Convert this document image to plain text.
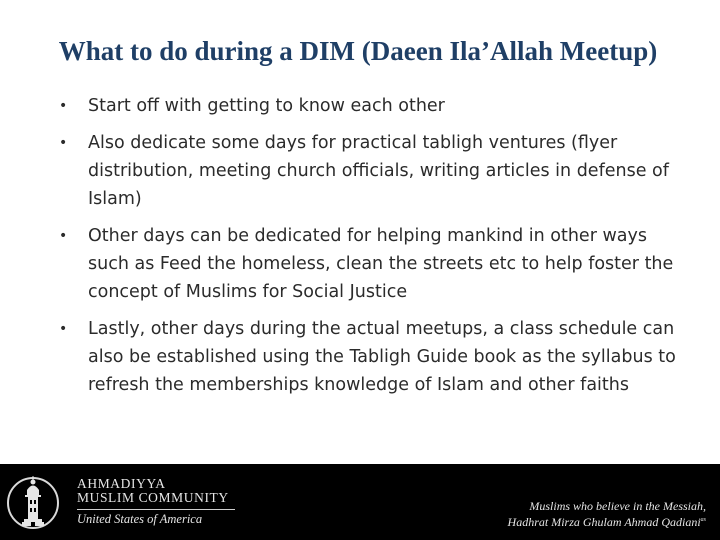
What to do during a DIM (Daeen Ila’Allah Meetup)
• Start off with getting to know each other
• Also dedicate some days for practical tabligh ventures (flyer distribution, meeting church officials, writing articles in defense of Islam)
• Other days can be dedicated for helping mankind in other ways such as Feed the homeless, clean the streets etc to help foster the concept of Muslims for Social Justice
• Lastly, other days during the actual meetups, a class schedule can also be established using the Tabligh Guide book as the syllabus to refresh the memberships knowledge of Islam and other faiths
AHMADIYYA
MUSLIM COMMUNITY
United States of America
Muslims who believe in the Messiah,
Hadhrat Mirza Ghulam Ahmad Qadiani$^{as}$
